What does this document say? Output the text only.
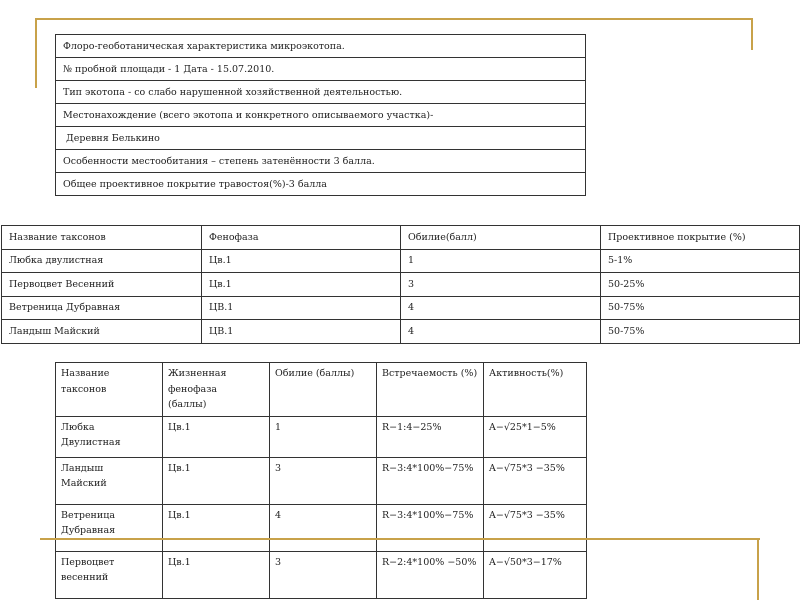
Флоро-геоботаническая характеристика микроэкотопа.
№ пробной площади - 1 Дата - 15.07.2010.
Тип экотопа - со слабо нарушенной хозяйственной деятельностью.
Местонахождение (всего экотопа и конкретного описываемого участка)-
Деревня Белькино
Особенности местообитания – степень затенённости 3 балла.
Общее проективное покрытие травостоя(%)-3 балла
Название таксонов	Фенофаза	Обилие(балл)	Проективное покрытие (%)
Любка двулистная	Цв.1	1	5-1%
Первоцвет Весенний	Цв.1	3	50-25%
Ветреница Дубравная	ЦВ.1	4	50-75%
Ландыш Майский	ЦВ.1	4	50-75%
Название таксонов	Жизненная фенофаза (баллы)	Обилие (баллы)	Встречаемость (%)	Активность(%)
Любка Двулистная	Цв.1	1	R−1:4−25%	A−√25*1−5%
Ландыш Майский	Цв.1	3	R−3:4*100%−75%	A−√75*3 −35%
Ветреница Дубравная	Цв.1	4	R−3:4*100%−75%	A−√75*3 −35%
Первоцвет весенний	Цв.1	3	R−2:4*100% −50%	A−√50*3−17%
